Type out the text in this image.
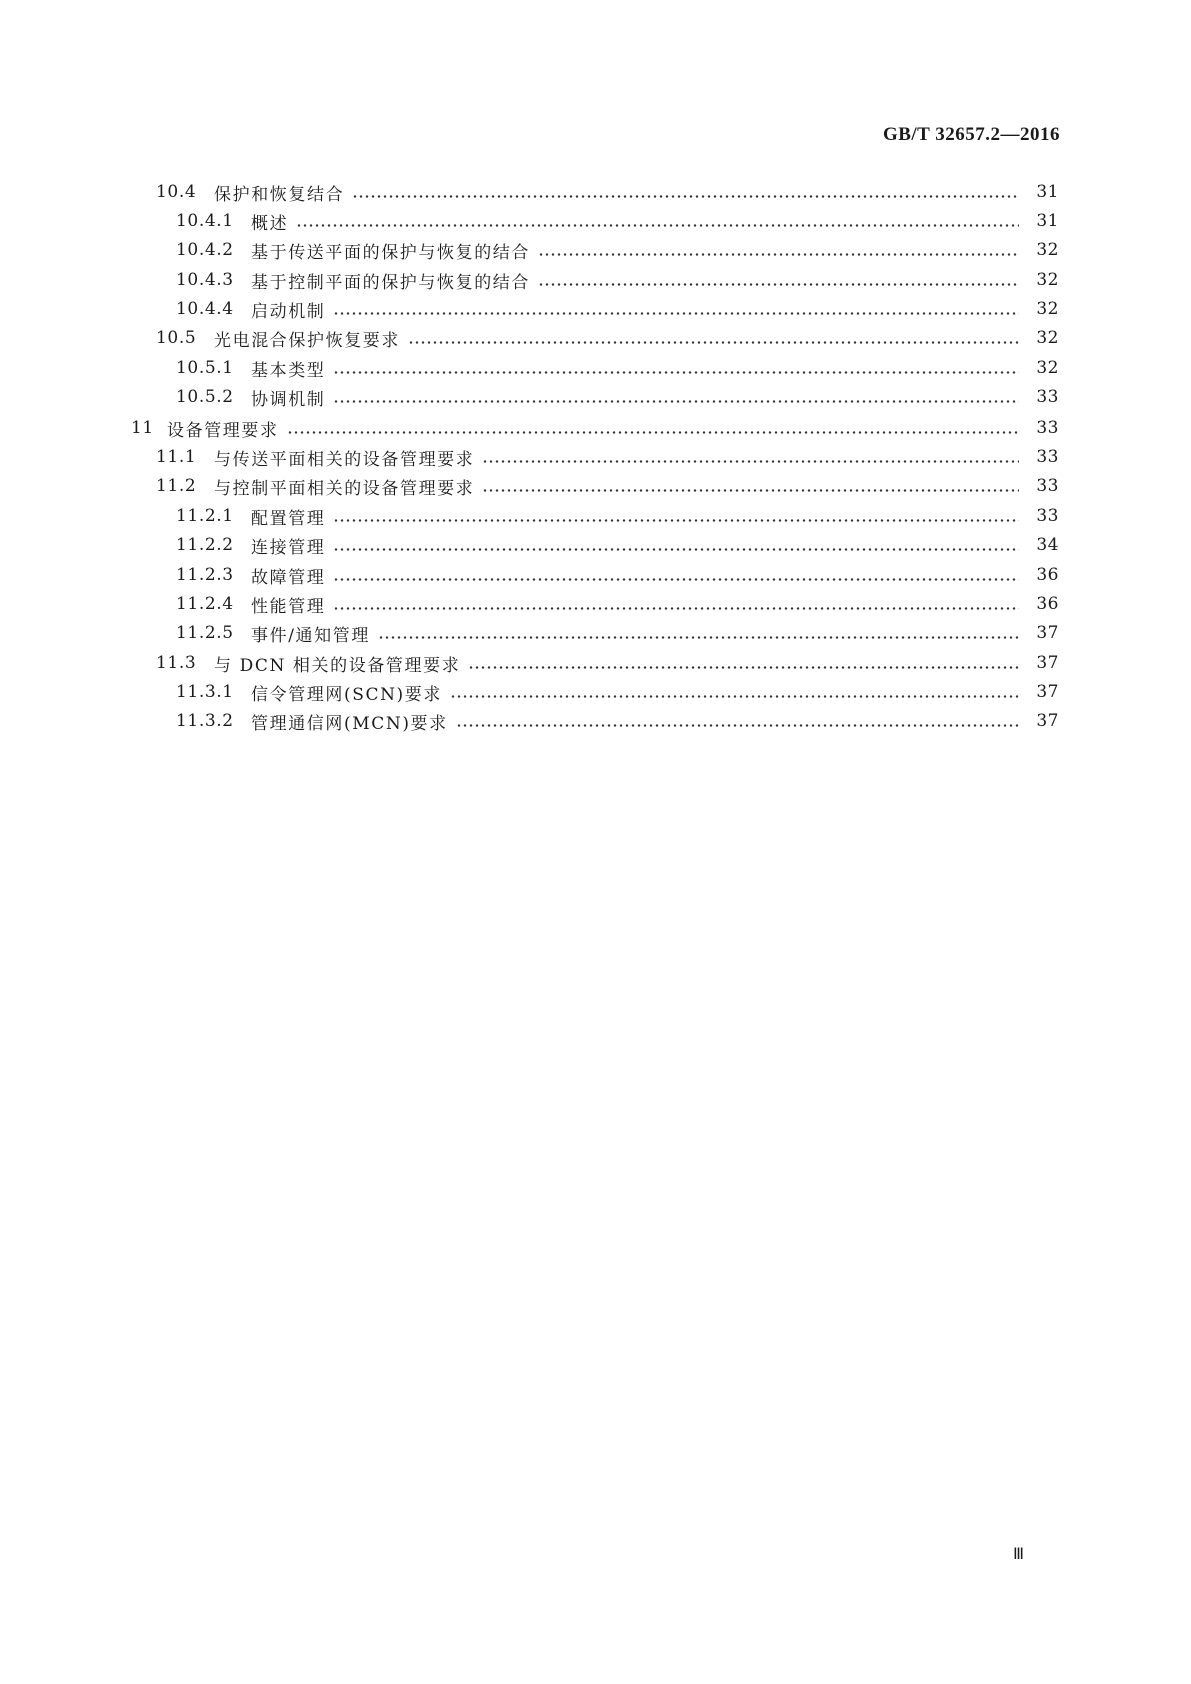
GB/T 32657.2—2016
10.4	保护和恢复结合	31
10.4.1	概述	31
10.4.2	基于传送平面的保护与恢复的结合	32
10.4.3	基于控制平面的保护与恢复的结合	32
10.4.4	启动机制	32
10.5	光电混合保护恢复要求	32
10.5.1	基本类型	32
10.5.2	协调机制	33
11 设备管理要求	33
11.1	与传送平面相关的设备管理要求	33
11.2	与控制平面相关的设备管理要求	33
11.2.1	配置管理	33
11.2.2	连接管理	34
11.2.3	故障管理	36
11.2.4	性能管理	36
11.2.5	事件/通知管理	37
11.3	与 DCN 相关的设备管理要求	37
11.3.1	信令管理网(SCN)要求	37
11.3.2	管理通信网(MCN)要求	37
Ⅲ
